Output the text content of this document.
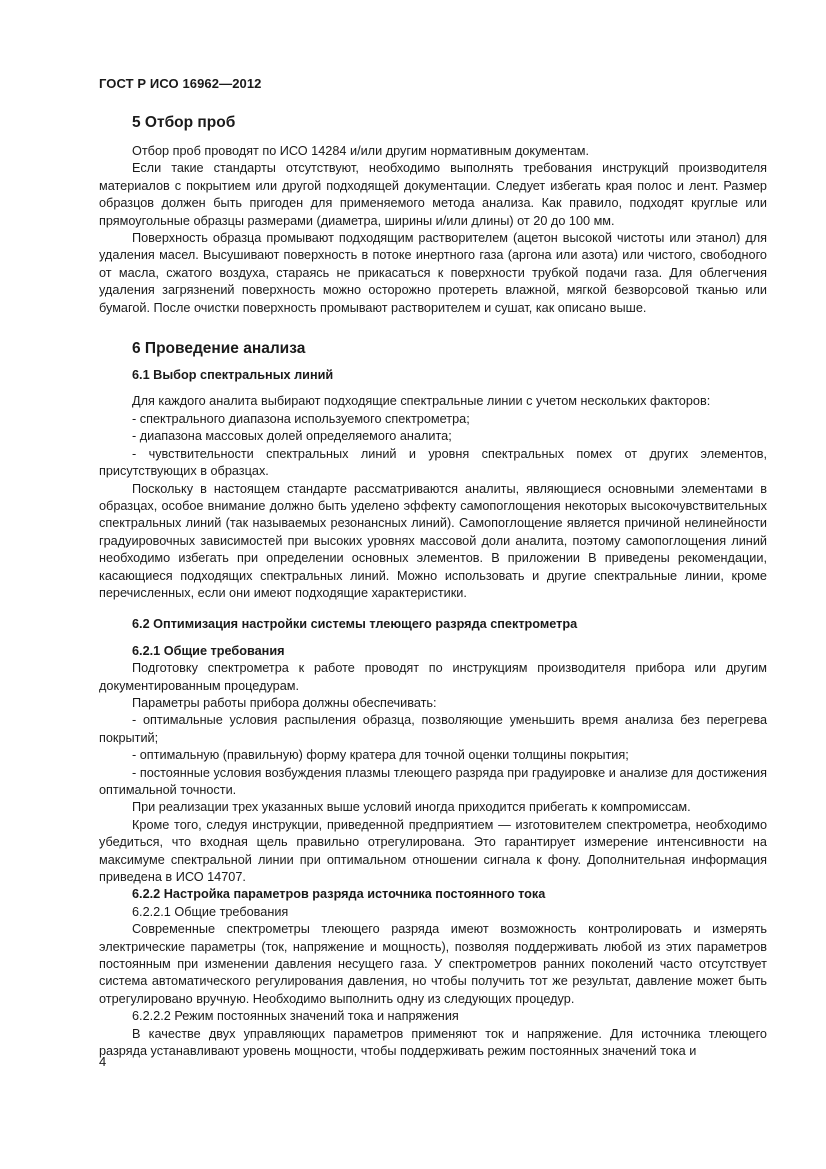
ГОСТ Р ИСО 16962—2012
5 Отбор проб

Отбор проб проводят по ИСО 14284 и/или другим нормативным документам.

Если такие стандарты отсутствуют, необходимо выполнять требования инструкций производителя материалов с покрытием или другой подходящей документации. Следует избегать края полос и лент. Размер образцов должен быть пригоден для применяемого метода анализа. Как правило, подходят круглые или прямоугольные образцы размерами (диаметра, ширины и/или длины) от 20 до 100 мм.

Поверхность образца промывают подходящим растворителем (ацетон высокой чистоты или этанол) для удаления масел. Высушивают поверхность в потоке инертного газа (аргона или азота) или чистого, свободного от масла, сжатого воздуха, стараясь не прикасаться к поверхности трубкой подачи газа. Для облегчения удаления загрязнений поверхность можно осторожно протереть влажной, мягкой безворсовой тканью или бумагой. После очистки поверхность промывают растворителем и сушат, как описано выше.

6 Проведение анализа
6.1 Выбор спектральных линий

Для каждого аналита выбирают подходящие спектральные линии с учетом нескольких факторов:

- спектрального диапазона используемого спектрометра;

- диапазона массовых долей определяемого аналита;

- чувствительности спектральных линий и уровня спектральных помех от других элементов, присутствующих в образцах.

Поскольку в настоящем стандарте рассматриваются аналиты, являющиеся основными элементами в образцах, особое внимание должно быть уделено эффекту самопоглощения некоторых высокочувствительных спектральных линий (так называемых резонансных линий). Самопоглощение является причиной нелинейности градуировочных зависимостей при высоких уровнях массовой доли аналита, поэтому самопоглощения линий необходимо избегать при определении основных элементов. В приложении В приведены рекомендации, касающиеся подходящих спектральных линий. Можно использовать и другие спектральные линии, кроме перечисленных, если они имеют подходящие характеристики.

6.2 Оптимизация настройки системы тлеющего разряда спектрометра
6.2.1 Общие требования

Подготовку спектрометра к работе проводят по инструкциям производителя прибора или другим документированным процедурам.

Параметры работы прибора должны обеспечивать:

- оптимальные условия распыления образца, позволяющие уменьшить время анализа без перегрева покрытий;

- оптимальную (правильную) форму кратера для точной оценки толщины покрытия;

- постоянные условия возбуждения плазмы тлеющего разряда при градуировке и анализе для достижения оптимальной точности.

При реализации трех указанных выше условий иногда приходится прибегать к компромиссам.

Кроме того, следуя инструкции, приведенной предприятием — изготовителем спектрометра, необходимо убедиться, что входная щель правильно отрегулирована. Это гарантирует измерение интенсивности на максимуме спектральной линии при оптимальном отношении сигнала к фону. Дополнительная информация приведена в ИСО 14707.

6.2.2 Настройка параметров разряда источника постоянного тока
6.2.2.1 Общие требования

Современные спектрометры тлеющего разряда имеют возможность контролировать и измерять электрические параметры (ток, напряжение и мощность), позволяя поддерживать любой из этих параметров постоянным при изменении давления несущего газа. У спектрометров ранних поколений часто отсутствует система автоматического регулирования давления, но чтобы получить тот же результат, давление может быть отрегулировано вручную. Необходимо выполнить одну из следующих процедур.

6.2.2.2 Режим постоянных значений тока и напряжения

В качестве двух управляющих параметров применяют ток и напряжение. Для источника тлеющего разряда устанавливают уровень мощности, чтобы поддерживать режим постоянных значений тока и

4
